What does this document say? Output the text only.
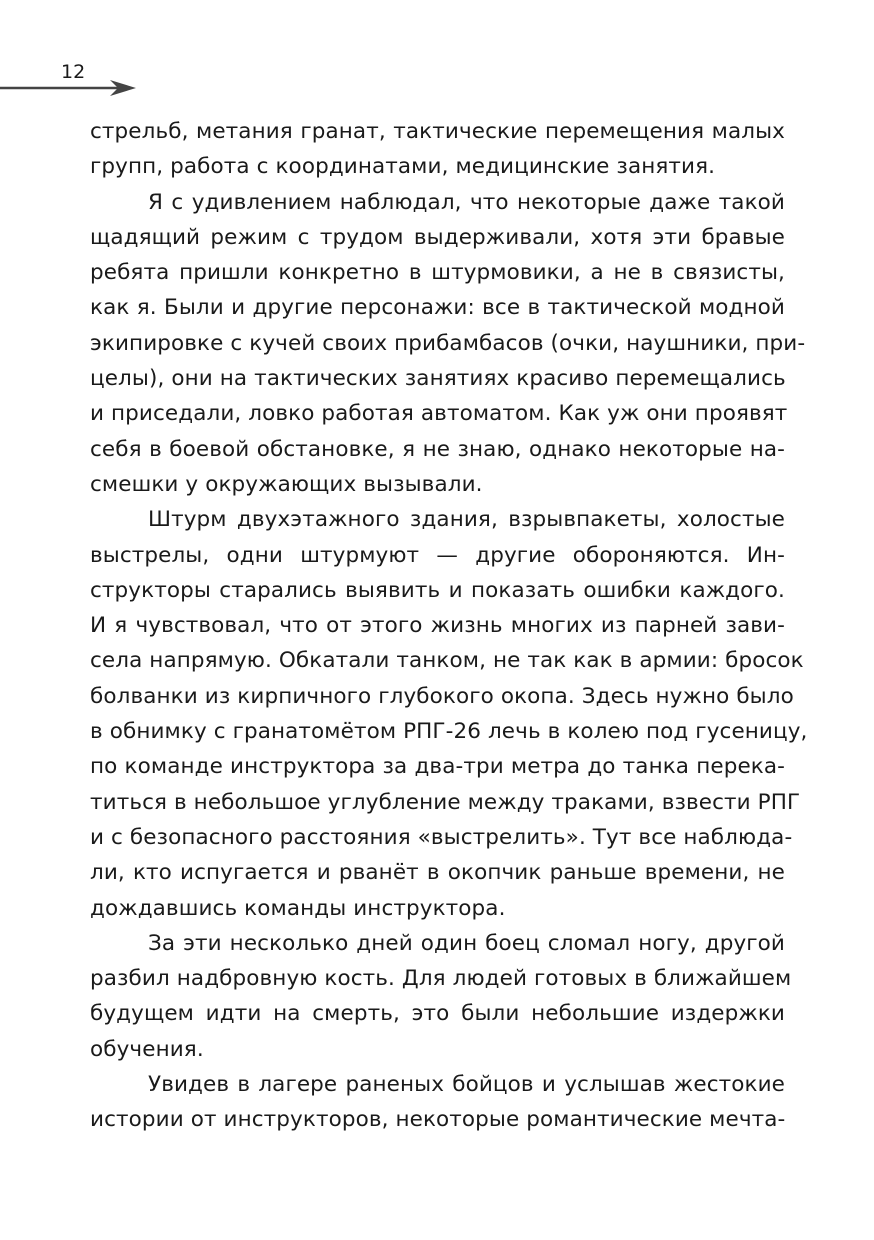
12
стрельб, метания гранат, тактические перемещения малых
групп, работа с координатами, медицинские занятия.
Я с удивлением наблюдал, что некоторые даже такой
щадящий режим с трудом выдерживали, хотя эти бравые
ребята пришли конкретно в штурмовики, а не в связисты,
как я. Были и другие персонажи: все в тактической модной
экипировке с кучей своих прибамбасов (очки, наушники, при-
целы), они на тактических занятиях красиво перемещались
и приседали, ловко работая автоматом. Как уж они проявят
себя в боевой обстановке, я не знаю, однако некоторые на-
смешки у окружающих вызывали.
Штурм двухэтажного здания, взрывпакеты, холостые
выстрелы, одни штурмуют — другие обороняются. Ин-
структоры старались выявить и показать ошибки каждого.
И я чувствовал, что от этого жизнь многих из парней зави-
села напрямую. Обкатали танком, не так как в армии: бросок
болванки из кирпичного глубокого окопа. Здесь нужно было
в обнимку с гранатомётом РПГ-26 лечь в колею под гусеницу,
по команде инструктора за два-три метра до танка перека-
титься в небольшое углубление между траками, взвести РПГ
и с безопасного расстояния «выстрелить». Тут все наблюда-
ли, кто испугается и рванёт в окопчик раньше времени, не
дождавшись команды инструктора.
За эти несколько дней один боец сломал ногу, другой
разбил надбровную кость. Для людей готовых в ближайшем
будущем идти на смерть, это были небольшие издержки
обучения.
Увидев в лагере раненых бойцов и услышав жестокие
истории от инструкторов, некоторые романтические мечта-
